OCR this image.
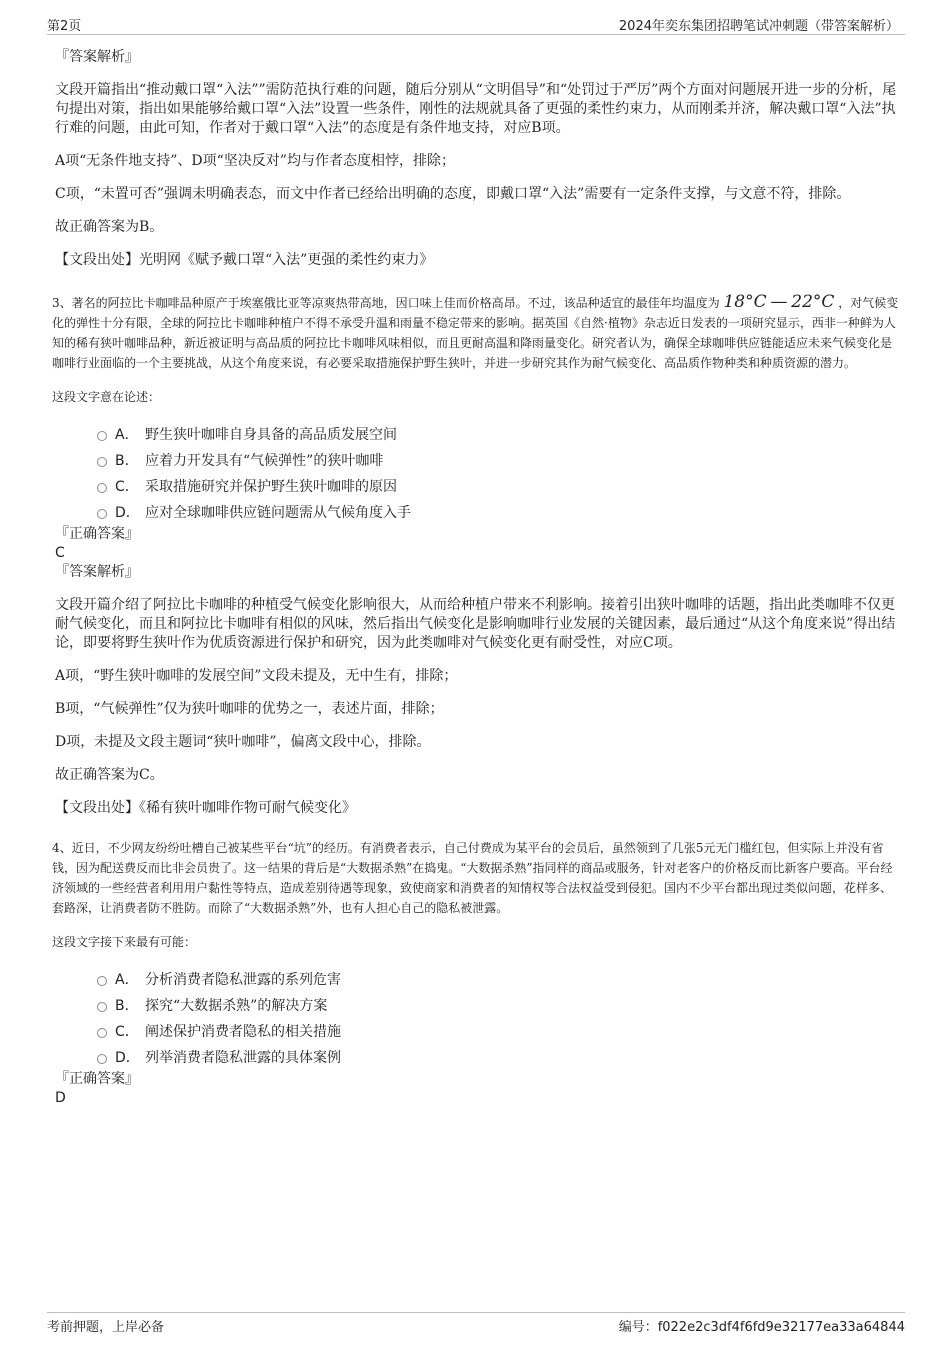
第2页	2024年奕东集团招聘笔试冲刺题（带答案解析）

『答案解析』

文段开篇指出“推动戴口罩“入法””需防范执行难的问题，随后分别从“文明倡导”和“处罚过于严厉”两个方面对问题展开进一步的分析，尾句提出对策，指出如果能够给戴口罩“入法”设置一些条件，刚性的法规就具备了更强的柔性约束力，从而刚柔并济，解决戴口罩“入法”执行难的问题，由此可知，作者对于戴口罩“入法”的态度是有条件地支持，对应B项。

A项“无条件地支持”、D项“坚决反对”均与作者态度相悖，排除；

C项，“未置可否”强调未明确表态，而文中作者已经给出明确的态度，即戴口罩“入法”需要有一定条件支撑，与文意不符，排除。

故正确答案为B。

【文段出处】光明网《赋予戴口罩“入法”更强的柔性约束力》

3、著名的阿拉比卡咖啡品种原产于埃塞俄比亚等凉爽热带高地，因口味上佳而价格高昂。不过，该品种适宜的最佳年均温度为 18°C — 22°C ，对气候变化的弹性十分有限，全球的阿拉比卡咖啡种植户不得不承受升温和雨量不稳定带来的影响。据英国《自然·植物》杂志近日发表的一项研究显示，西非一种鲜为人知的稀有狭叶咖啡品种，新近被证明与高品质的阿拉比卡咖啡风味相似，而且更耐高温和降雨量变化。研究者认为，确保全球咖啡供应链能适应未来气候变化是咖啡行业面临的一个主要挑战，从这个角度来说，有必要采取措施保护野生狭叶，并进一步研究其作为耐气候变化、高品质作物种类和种质资源的潜力。

这段文字意在论述：

A． 野生狭叶咖啡自身具备的高品质发展空间
B． 应着力开发具有“气候弹性”的狭叶咖啡
C． 采取措施研究并保护野生狭叶咖啡的原因
D． 应对全球咖啡供应链问题需从气候角度入手

『正确答案』

C

『答案解析』

文段开篇介绍了阿拉比卡咖啡的种植受气候变化影响很大，从而给种植户带来不利影响。接着引出狭叶咖啡的话题，指出此类咖啡不仅更耐气候变化，而且和阿拉比卡咖啡有相似的风味，然后指出气候变化是影响咖啡行业发展的关键因素，最后通过“从这个角度来说”得出结论，即要将野生狭叶作为优质资源进行保护和研究，因为此类咖啡对气候变化更有耐受性，对应C项。

A项，“野生狭叶咖啡的发展空间”文段未提及，无中生有，排除；

B项，“气候弹性”仅为狭叶咖啡的优势之一，表述片面，排除；

D项，未提及文段主题词“狭叶咖啡”，偏离文段中心，排除。

故正确答案为C。

【文段出处】《稀有狭叶咖啡作物可耐气候变化》

4、近日，不少网友纷纷吐槽自己被某些平台“坑”的经历。有消费者表示，自己付费成为某平台的会员后，虽然领到了几张5元无门槛红包，但实际上并没有省钱，因为配送费反而比非会员贵了。这一结果的背后是“大数据杀熟”在捣鬼。“大数据杀熟”指同样的商品或服务，针对老客户的价格反而比新客户要高。平台经济领域的一些经营者利用用户黏性等特点，造成差别待遇等现象，致使商家和消费者的知情权等合法权益受到侵犯。国内不少平台都出现过类似问题，花样多、套路深，让消费者防不胜防。而除了“大数据杀熟”外，也有人担心自己的隐私被泄露。

这段文字接下来最有可能：

A． 分析消费者隐私泄露的系列危害
B． 探究“大数据杀熟”的解决方案
C． 阐述保护消费者隐私的相关措施
D． 列举消费者隐私泄露的具体案例

『正确答案』

D

考前押题，上岸必备	编号：f022e2c3df4f6fd9e32177ea33a64844
